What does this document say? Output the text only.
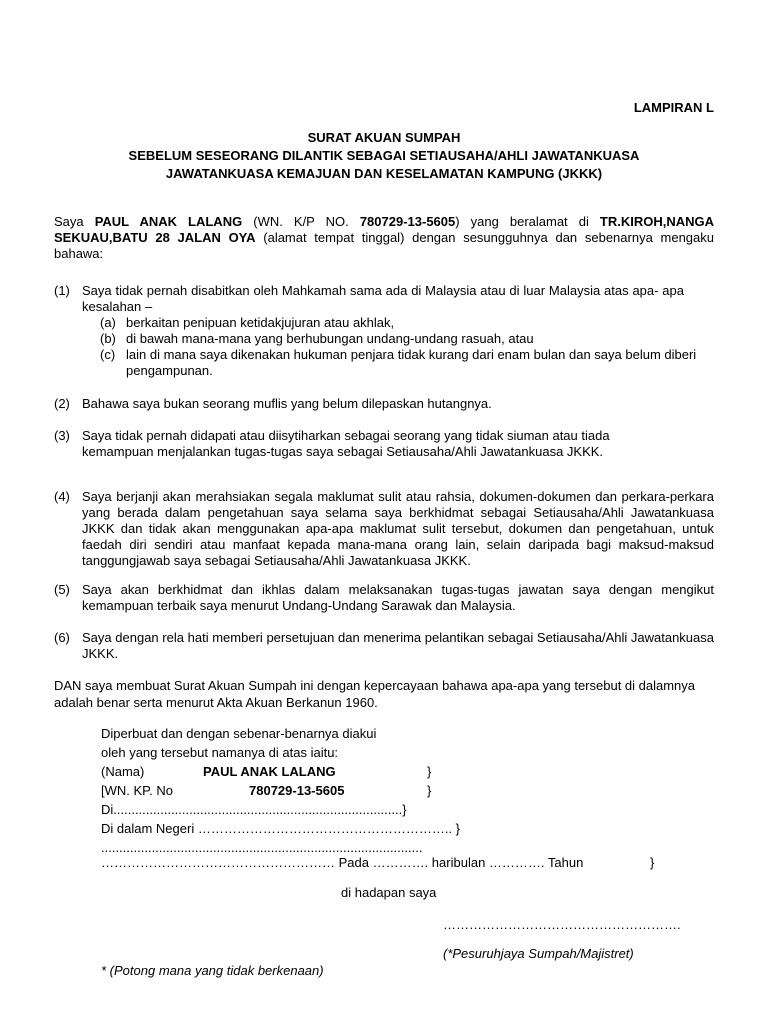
LAMPIRAN L
SURAT AKUAN SUMPAH
SEBELUM SESEORANG DILANTIK SEBAGAI SETIAUSAHA/AHLI JAWATANKUASA
JAWATANKUASA KEMAJUAN DAN KESELAMATAN KAMPUNG (JKKK)
Saya PAUL ANAK LALANG (WN. K/P NO. 780729-13-5605) yang beralamat di TR.KIROH,NANGA SEKUAU,BATU 28 JALAN OYA (alamat tempat tinggal) dengan sesungguhnya dan sebenarnya mengaku bahawa:
(1) Saya tidak pernah disabitkan oleh Mahkamah sama ada di Malaysia atau di luar Malaysia atas apa- apa kesalahan –
(a) berkaitan penipuan ketidakjujuran atau akhlak,
(b) di bawah mana-mana yang berhubungan undang-undang rasuah, atau
(c) lain di mana saya dikenakan hukuman penjara tidak kurang dari enam bulan dan saya belum diberi pengampunan.
(2) Bahawa saya bukan seorang muflis yang belum dilepaskan hutangnya.
(3) Saya tidak pernah didapati atau diisytiharkan sebagai seorang yang tidak siuman atau tiada kemampuan menjalankan tugas-tugas saya sebagai Setiausaha/Ahli Jawatankuasa JKKK.
(4) Saya berjanji akan merahsiakan segala maklumat sulit atau rahsia, dokumen-dokumen dan perkara-perkara yang berada dalam pengetahuan saya selama saya berkhidmat sebagai Setiausaha/Ahli Jawatankuasa JKKK dan tidak akan menggunakan apa-apa maklumat sulit tersebut, dokumen dan pengetahuan, untuk faedah diri sendiri atau manfaat kepada mana-mana orang lain, selain daripada bagi maksud-maksud tanggungjawab saya sebagai Setiausaha/Ahli Jawatankuasa JKKK.
(5) Saya akan berkhidmat dan ikhlas dalam melaksanakan tugas-tugas jawatan saya dengan mengikut kemampuan terbaik saya menurut Undang-Undang Sarawak dan Malaysia.
(6) Saya dengan rela hati memberi persetujuan dan menerima pelantikan sebagai Setiausaha/Ahli Jawatankuasa JKKK.
DAN saya membuat Surat Akuan Sumpah ini dengan kepercayaan bahawa apa-apa yang tersebut di dalamnya adalah benar serta menurut Akta Akuan Berkanun 1960.
Diperbuat dan dengan sebenar-benarnya diakui
oleh yang tersebut namanya di atas iaitu:
(Nama)	PAUL ANAK LALANG	}
[WN. KP. No	780729-13-5605	}
Di................................................................................}
Di dalam Negeri ………………………………………………….. }
.........................................................................................
……………………………………………… Pada …………. haribulan …………. Tahun	}
di hadapan saya
……………………………………………….
(*Pesuruhjaya Sumpah/Majistret)
* (Potong mana yang tidak berkenaan)
